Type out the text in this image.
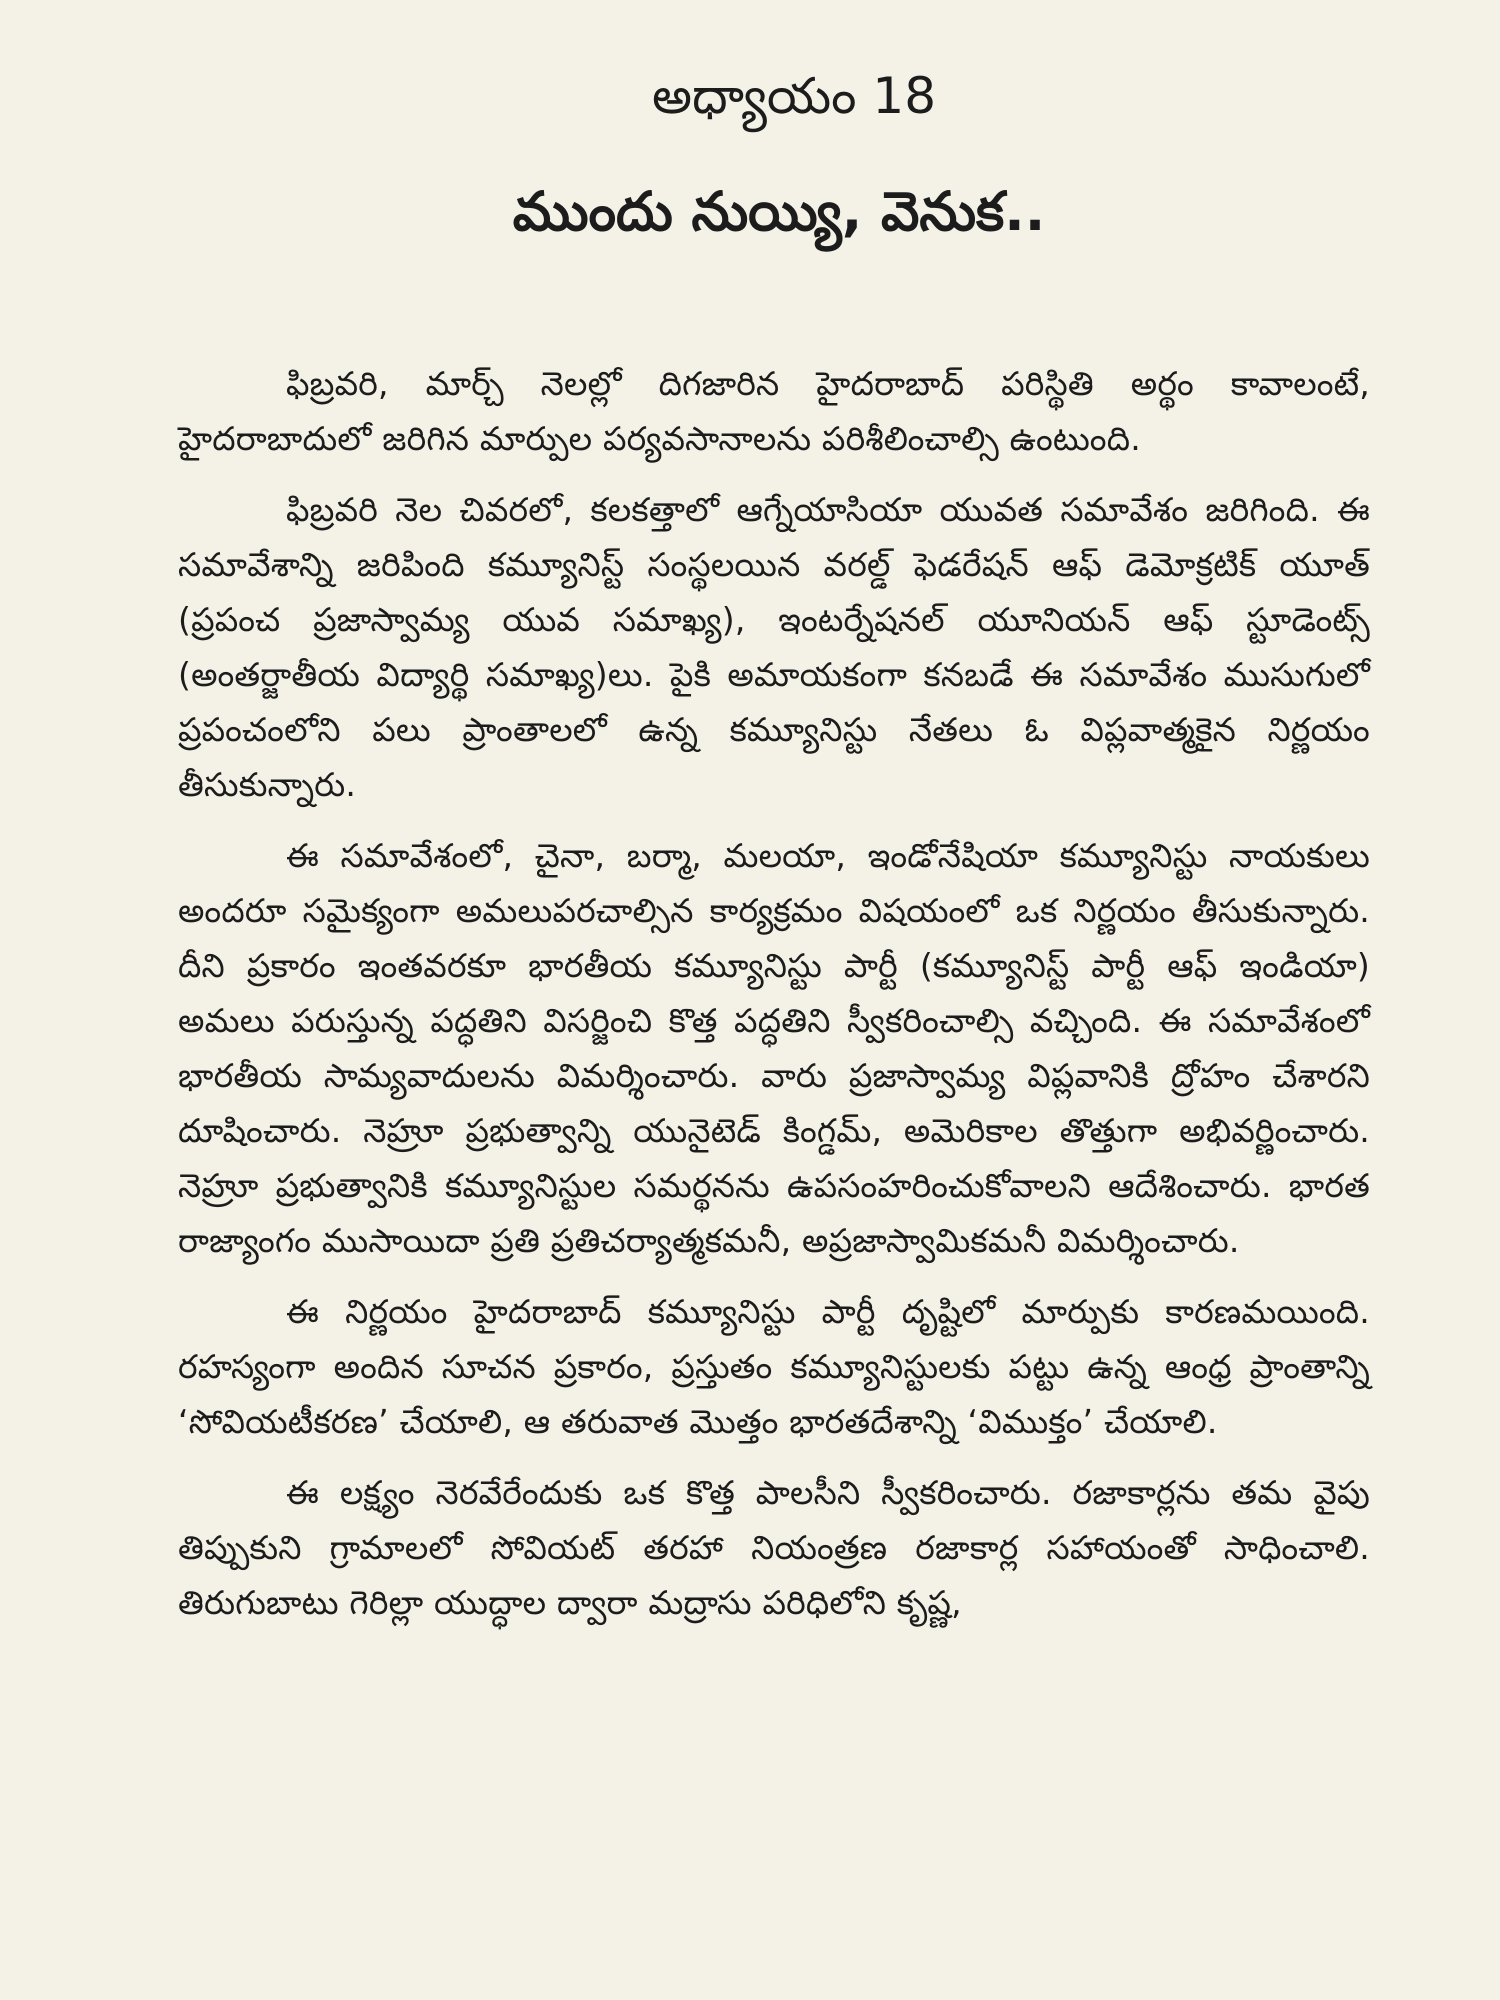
అధ్యాయం 18
ముందు నుయ్యి, వెనుక..

ఫిబ్రవరి, మార్చ్ నెలల్లో దిగజారిన హైదరాబాద్ పరిస్థితి అర్థం కావాలంటే, హైదరాబాదులో జరిగిన మార్పుల పర్యవసానాలను పరిశీలించాల్సి ఉంటుంది.

ఫిబ్రవరి నెల చివరలో, కలకత్తాలో ఆగ్నేయాసియా యువత సమావేశం జరిగింది. ఈ సమావేశాన్ని జరిపింది కమ్యూనిస్ట్ సంస్థలయిన వరల్డ్ ఫెడరేషన్ ఆఫ్ డెమోక్రటిక్ యూత్ (ప్రపంచ ప్రజాస్వామ్య యువ సమాఖ్య), ఇంటర్నేషనల్ యూనియన్ ఆఫ్ స్టూడెంట్స్ (అంతర్జాతీయ విద్యార్థి సమాఖ్య)లు. పైకి అమాయకంగా కనబడే ఈ సమావేశం ముసుగులో ప్రపంచంలోని పలు ప్రాంతాలలో ఉన్న కమ్యూనిస్టు నేతలు ఓ విప్లవాత్మకైన నిర్ణయం తీసుకున్నారు.

ఈ సమావేశంలో, చైనా, బర్మా, మలయా, ఇండోనేషియా కమ్యూనిస్టు నాయకులు అందరూ సమైక్యంగా అమలుపరచాల్సిన కార్యక్రమం విషయంలో ఒక నిర్ణయం తీసుకున్నారు. దీని ప్రకారం ఇంతవరకూ భారతీయ కమ్యూనిస్టు పార్టీ (కమ్యూనిస్ట్ పార్టీ ఆఫ్ ఇండియా) అమలు పరుస్తున్న పద్ధతిని విసర్జించి కొత్త పద్ధతిని స్వీకరించాల్సి వచ్చింది. ఈ సమావేశంలో భారతీయ సామ్యవాదులను విమర్శించారు. వారు ప్రజాస్వామ్య విప్లవానికి ద్రోహం చేశారని దూషించారు. నెహ్రూ ప్రభుత్వాన్ని యునైటెడ్ కింగ్డమ్, అమెరికాల తొత్తుగా అభివర్ణించారు. నెహ్రూ ప్రభుత్వానికి కమ్యూనిస్టుల సమర్థనను ఉపసంహరించుకోవాలని ఆదేశించారు. భారత రాజ్యాంగం ముసాయిదా ప్రతి ప్రతిచర్యాత్మకమనీ, అప్రజాస్వామికమనీ విమర్శించారు.

ఈ నిర్ణయం హైదరాబాద్ కమ్యూనిస్టు పార్టీ దృష్టిలో మార్పుకు కారణమయింది. రహస్యంగా అందిన సూచన ప్రకారం, ప్రస్తుతం కమ్యూనిస్టులకు పట్టు ఉన్న ఆంధ్ర ప్రాంతాన్ని ‘సోవియటీకరణ’ చేయాలి, ఆ తరువాత మొత్తం భారతదేశాన్ని ‘విముక్తం’ చేయాలి.

ఈ లక్ష్యం నెరవేరేందుకు ఒక కొత్త పాలసీని స్వీకరించారు. రజాకార్లను తమ వైపు తిప్పుకుని గ్రామాలలో సోవియట్ తరహా నియంత్రణ రజాకార్ల సహాయంతో సాధించాలి. తిరుగుబాటు గెరిల్లా యుద్ధాల ద్వారా మద్రాసు పరిధిలోని కృష్ణ,
